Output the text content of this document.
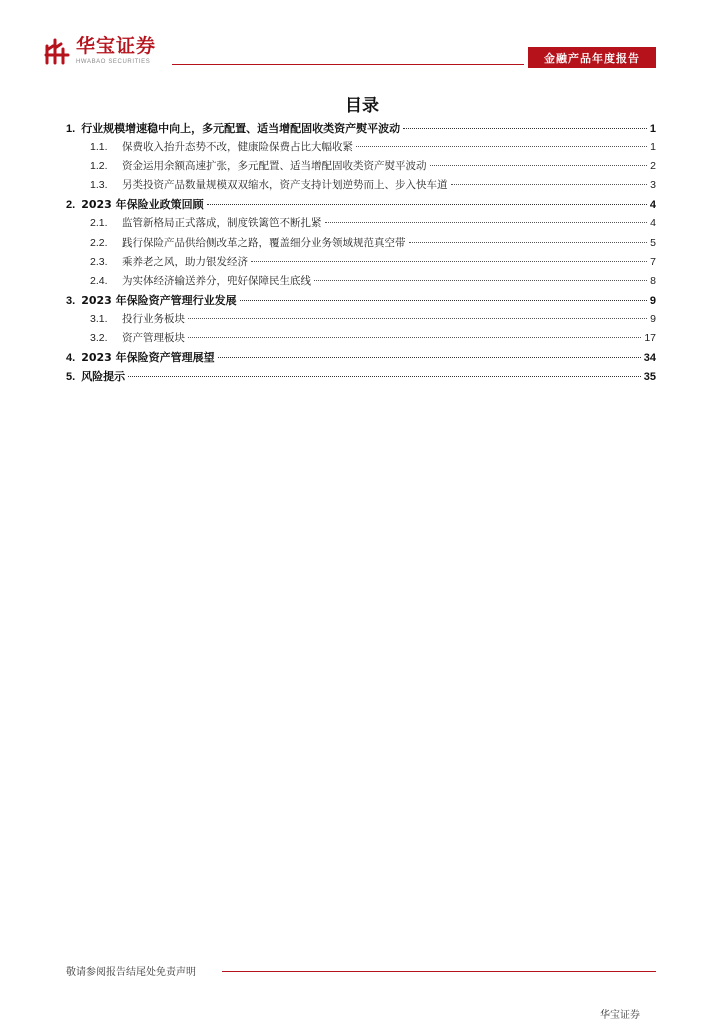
华宝证券
HWABAO SECURITIES	金融产品年度报告
目录
1. 行业规模增速稳中向上，多元配置、适当增配固收类资产熨平波动	1
1.1.	保费收入抬升态势不改，健康险保费占比大幅收紧	1
1.2.	资金运用余额高速扩张，多元配置、适当增配固收类资产熨平波动	2
1.3.	另类投资产品数量规模双双缩水，资产支持计划逆势而上、步入快车道	3
2. 2023 年保险业政策回顾	4
2.1.	监管新格局正式落成，制度铁篱笆不断扎紧	4
2.2.	践行保险产品供给侧改革之路，覆盖细分业务领域规范真空带	5
2.3.	乘养老之风，助力银发经济	7
2.4.	为实体经济输送养分，兜好保障民生底线	8
3. 2023 年保险资产管理行业发展	9
3.1.	投行业务板块	9
3.2.	资产管理板块	17
4. 2023 年保险资产管理展望	34
5. 风险提示	35
敬请参阅报告结尾处免责声明
华宝证券
